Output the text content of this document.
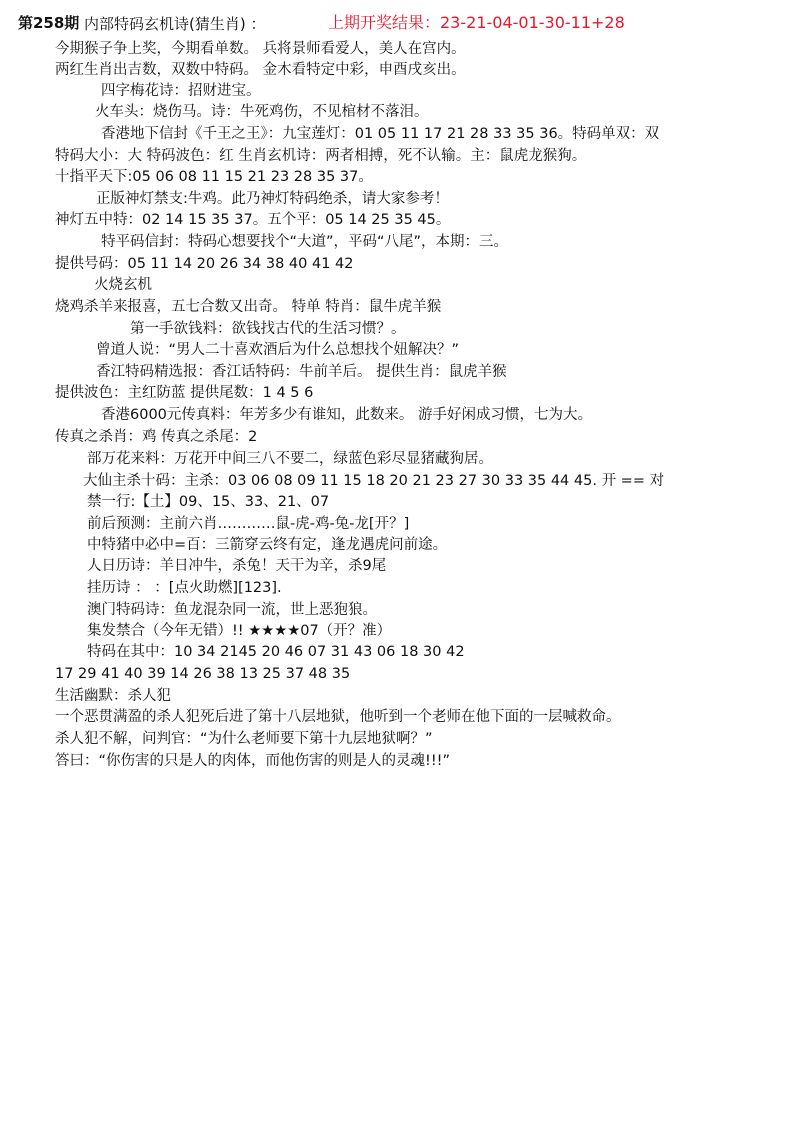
第258期 内部特码玄机诗(猜生肖) ：	上期开奖结果：23-21-04-01-30-11+28
今期猴子争上奖，今期看单数。 兵将景师看爱人，美人在宫内。
两红生肖出吉数，双数中特码。 金木看特定中彩，申酉戌亥出。
四字梅花诗：招财进宝。
火车头：烧伤马。诗：牛死鸡伤，不见棺材不落泪。
香港地下信封《千王之王》：九宝莲灯：01 05 11 17 21 28 33 35 36。特码单双：双
特码大小：大 特码波色：红 生肖玄机诗：两者相搏，死不认输。主：鼠虎龙猴狗。
十指平天下:05 06 08 11 15 21 23 28 35 37。
正版神灯禁支:牛鸡。此乃神灯特码绝杀，请大家参考！
神灯五中特：02 14 15 35 37。五个平：05 14 25 35 45。
特平码信封：特码心想要找个“大道”，平码“八尾”，本期：三。
提供号码：05 11 14 20 26 34 38 40 41 42
火烧玄机
烧鸡杀羊来报喜，五七合数又出奇。 特单 特肖：鼠牛虎羊猴
第一手欲钱料：欲钱找古代的生活习惯？。
曾道人说：“男人二十喜欢酒后为什么总想找个妞解决？”
香江特码精选报：香江话特码：牛前羊后。 提供生肖：鼠虎羊猴
提供波色：主红防蓝 提供尾数：1 4 5 6
香港6000元传真料：年芳多少有谁知，此数来。 游手好闲成习惯，七为大。
传真之杀肖：鸡 传真之杀尾：2
部万花来料：万花开中间三八不要二，绿蓝色彩尽显猪藏狗居。
大仙主杀十码：主杀：03 06 08 09 11 15 18 20 21 23 27 30 33 35 44 45. 开 == 对
禁一行:【土】09、15、33、21、07
前后预测：主前六肖…………鼠-虎-鸡-兔-龙[开？]
中特猪中必中=百：三箭穿云终有定，逢龙遇虎问前途。
人日历诗：羊日冲牛，杀兔！天干为辛，杀9尾
挂历诗 ： ：[点火助燃][123].
澳门特码诗：鱼龙混杂同一流，世上恶狍狼。
集发禁合（今年无错）!! ★★★★07（开？准）
特码在其中：10 34 2145 20 46 07 31 43 06 18 30 42
17 29 41 40 39 14 26 38 13 25 37 48 35
生活幽默：杀人犯
一个恶贯满盈的杀人犯死后进了第十八层地狱，他听到一个老师在他下面的一层喊救命。
杀人犯不解，问判官：“为什么老师要下第十九层地狱啊？”
答曰：“你伤害的只是人的肉体，而他伤害的则是人的灵魂!!!”
